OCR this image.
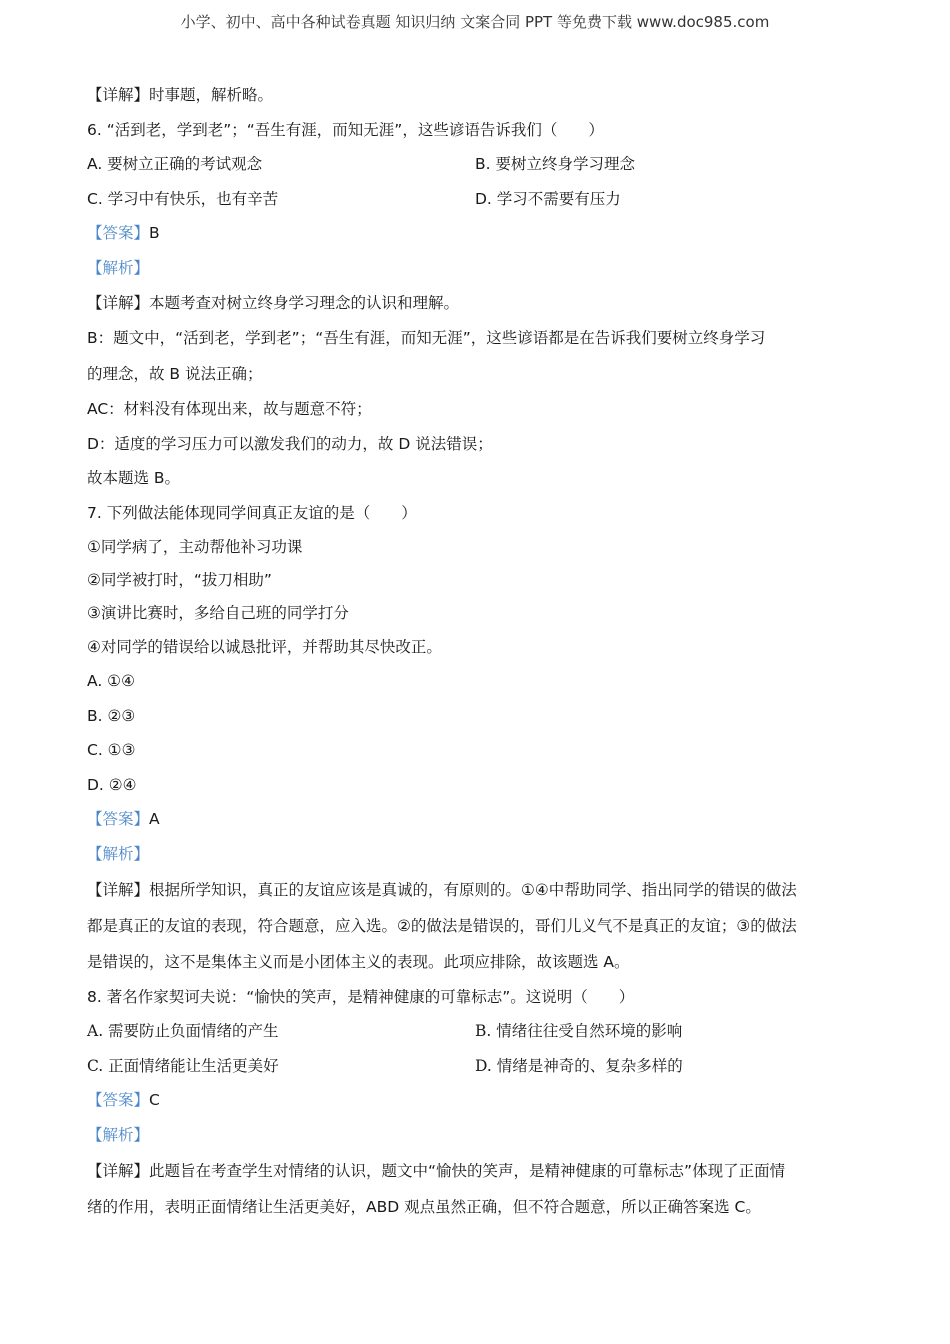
小学、初中、高中各种试卷真题 知识归纳 文案合同 PPT 等免费下载 www.doc985.com
【详解】时事题，解析略。
6. “活到老，学到老”；“吾生有涯，而知无涯”，这些谚语告诉我们（　　）
A. 要树立正确的考试观念	B. 要树立终身学习理念
C. 学习中有快乐，也有辛苦	D. 学习不需要有压力
【答案】B
【解析】
【详解】本题考查对树立终身学习理念的认识和理解。
B：题文中，“活到老，学到老”；“吾生有涯，而知无涯”，这些谚语都是在告诉我们要树立终身学习
的理念，故 B 说法正确；
AC：材料没有体现出来，故与题意不符；
D：适度的学习压力可以激发我们的动力，故 D 说法错误；
故本题选 B。
7. 下列做法能体现同学间真正友谊的是（　　）
①同学病了，主动帮他补习功课
②同学被打时，“拔刀相助”
③演讲比赛时，多给自己班的同学打分
④对同学的错误给以诚恳批评，并帮助其尽快改正。
A. ①④
B. ②③
C. ①③
D. ②④
【答案】A
【解析】
【详解】根据所学知识，真正的友谊应该是真诚的，有原则的。①④中帮助同学、指出同学的错误的做法
都是真正的友谊的表现，符合题意，应入选。②的做法是错误的，哥们儿义气不是真正的友谊；③的做法
是错误的，这不是集体主义而是小团体主义的表现。此项应排除，故该题选 A。
8. 著名作家契诃夫说：“愉快的笑声，是精神健康的可靠标志”。这说明（　　）
A. 需要防止负面情绪的产生	B. 情绪往往受自然环境的影响
C. 正面情绪能让生活更美好	D. 情绪是神奇的、复杂多样的
【答案】C
【解析】
【详解】此题旨在考查学生对情绪的认识，题文中“愉快的笑声，是精神健康的可靠标志”体现了正面情
绪的作用，表明正面情绪让生活更美好，ABD 观点虽然正确，但不符合题意，所以正确答案选 C。
